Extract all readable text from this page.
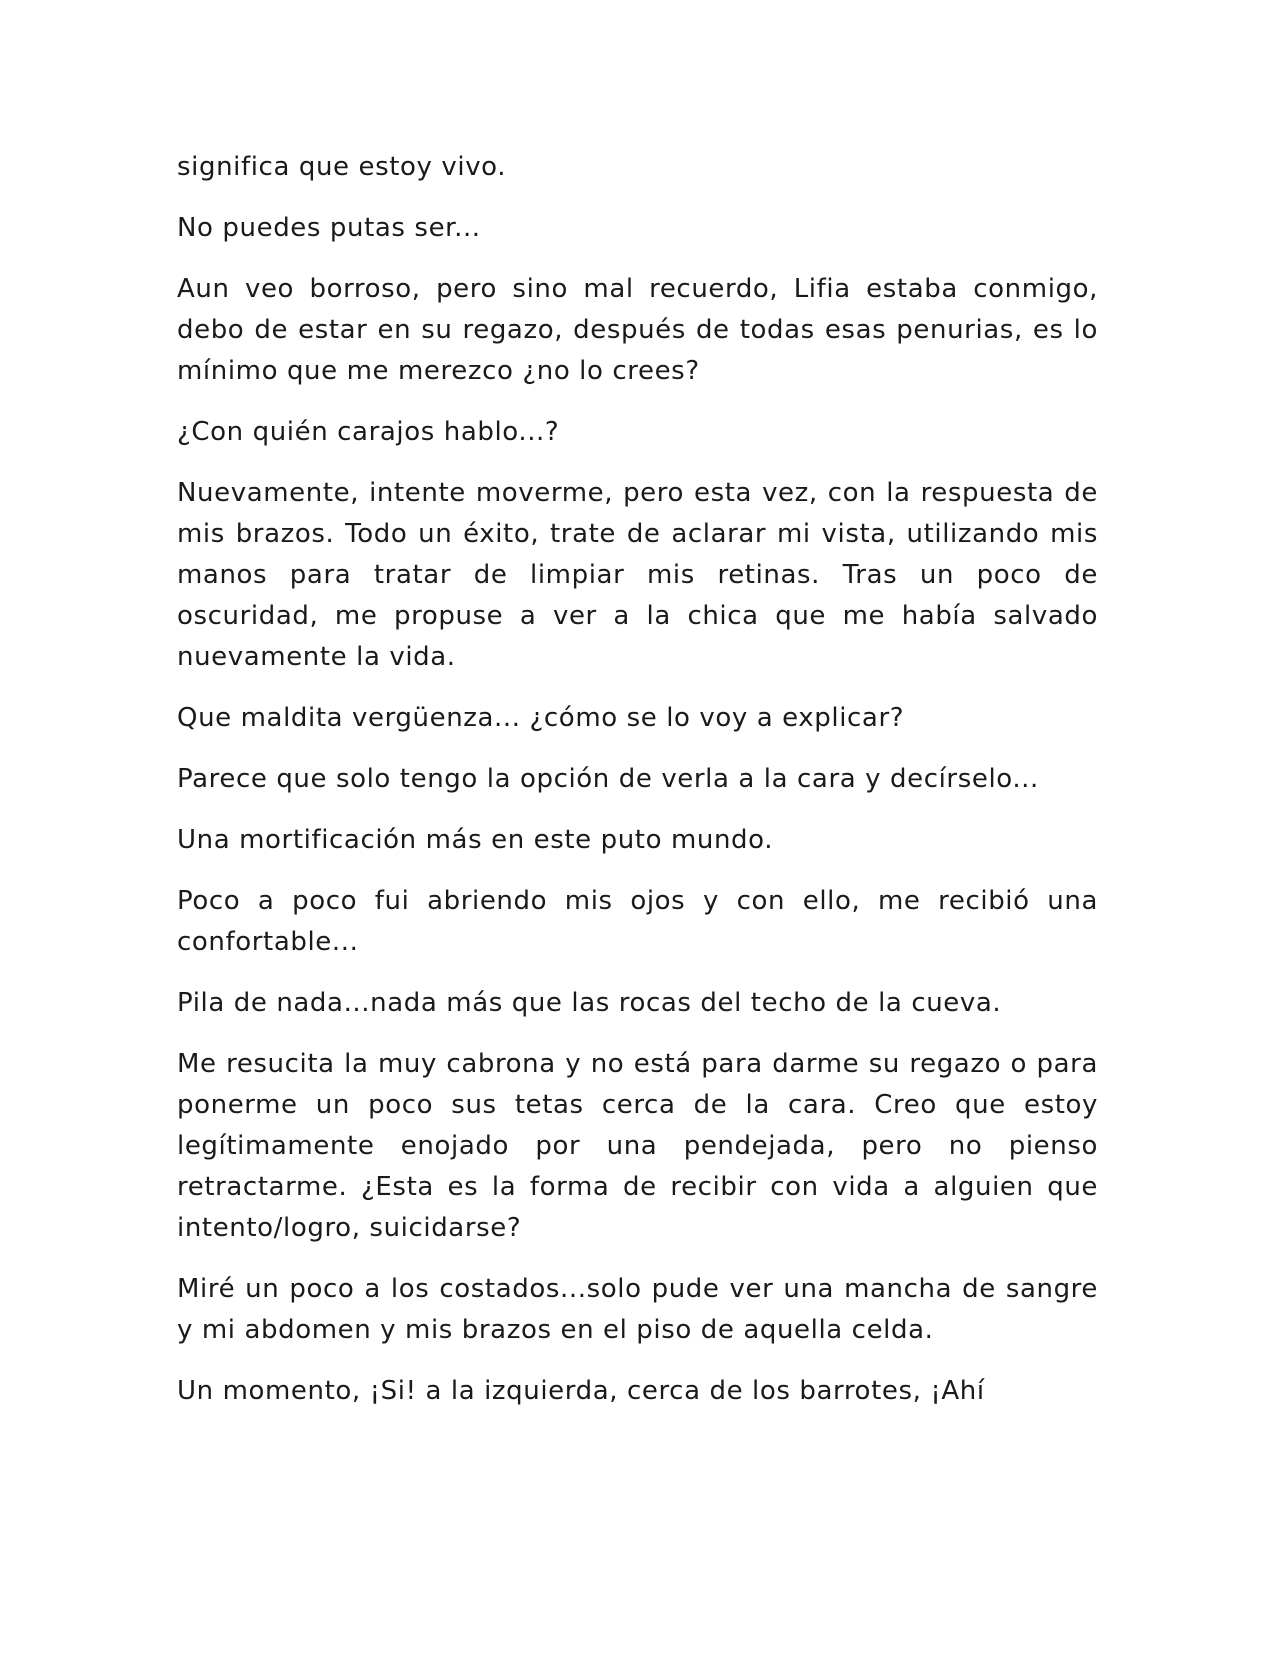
significa que estoy vivo.

No puedes putas ser...

Aun veo borroso, pero sino mal recuerdo, Lifia estaba conmigo, debo de estar en su regazo, después de todas esas penurias, es lo mínimo que me merezco ¿no lo crees?

¿Con quién carajos hablo...?

Nuevamente, intente moverme, pero esta vez, con la respuesta de mis brazos. Todo un éxito, trate de aclarar mi vista, utilizando mis manos para tratar de limpiar mis retinas. Tras un poco de oscuridad, me propuse a ver a la chica que me había salvado nuevamente la vida.

Que maldita vergüenza... ¿cómo se lo voy a explicar?

Parece que solo tengo la opción de verla a la cara y decírselo...

Una mortificación más en este puto mundo.

Poco a poco fui abriendo mis ojos y con ello, me recibió una confortable...

Pila de nada...nada más que las rocas del techo de la cueva.

Me resucita la muy cabrona y no está para darme su regazo o para ponerme un poco sus tetas cerca de la cara. Creo que estoy legítimamente enojado por una pendejada, pero no pienso retractarme. ¿Esta es la forma de recibir con vida a alguien que intento/logro, suicidarse?

Miré un poco a los costados...solo pude ver una mancha de sangre y mi abdomen y mis brazos en el piso de aquella celda.

Un momento, ¡Si! a la izquierda, cerca de los barrotes, ¡Ahí
